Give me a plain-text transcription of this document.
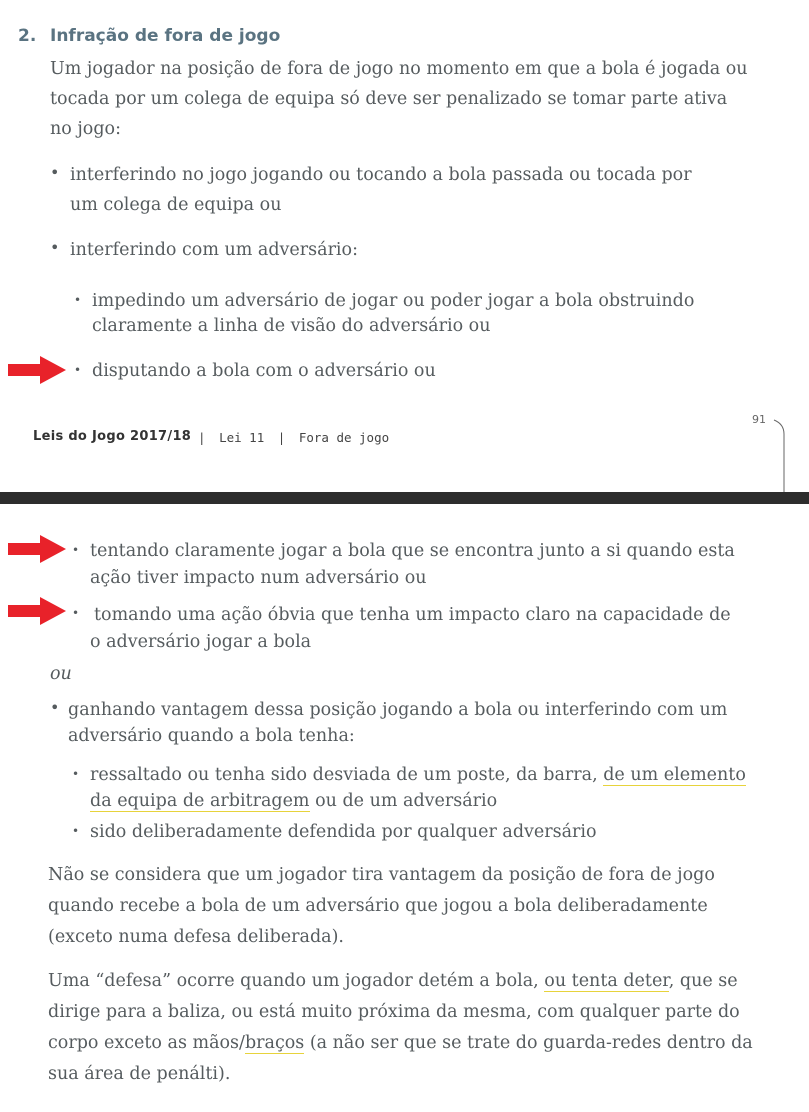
2. Infração de fora de jogo
Um jogador na posição de fora de jogo no momento em que a bola é jogada ou
tocada por um colega de equipa só deve ser penalizado se tomar parte ativa
no jogo:
• interferindo no jogo jogando ou tocando a bola passada ou tocada por
um colega de equipa ou
• interferindo com um adversário:
• impedindo um adversário de jogar ou poder jogar a bola obstruindo
claramente a linha de visão do adversário ou
• disputando a bola com o adversário ou
Leis do Jogo 2017/18 | Lei 11 | Fora de jogo
91
• tentando claramente jogar a bola que se encontra junto a si quando esta
ação tiver impacto num adversário ou
• tomando uma ação óbvia que tenha um impacto claro na capacidade de
o adversário jogar a bola
ou
• ganhando vantagem dessa posição jogando a bola ou interferindo com um
adversário quando a bola tenha:
• ressaltado ou tenha sido desviada de um poste, da barra, de um elemento
da equipa de arbitragem ou de um adversário
• sido deliberadamente defendida por qualquer adversário
Não se considera que um jogador tira vantagem da posição de fora de jogo
quando recebe a bola de um adversário que jogou a bola deliberadamente
(exceto numa defesa deliberada).
Uma “defesa” ocorre quando um jogador detém a bola, ou tenta deter, que se
dirige para a baliza, ou está muito próxima da mesma, com qualquer parte do
corpo exceto as mãos/braços (a não ser que se trate do guarda-redes dentro da
sua área de penálti).
